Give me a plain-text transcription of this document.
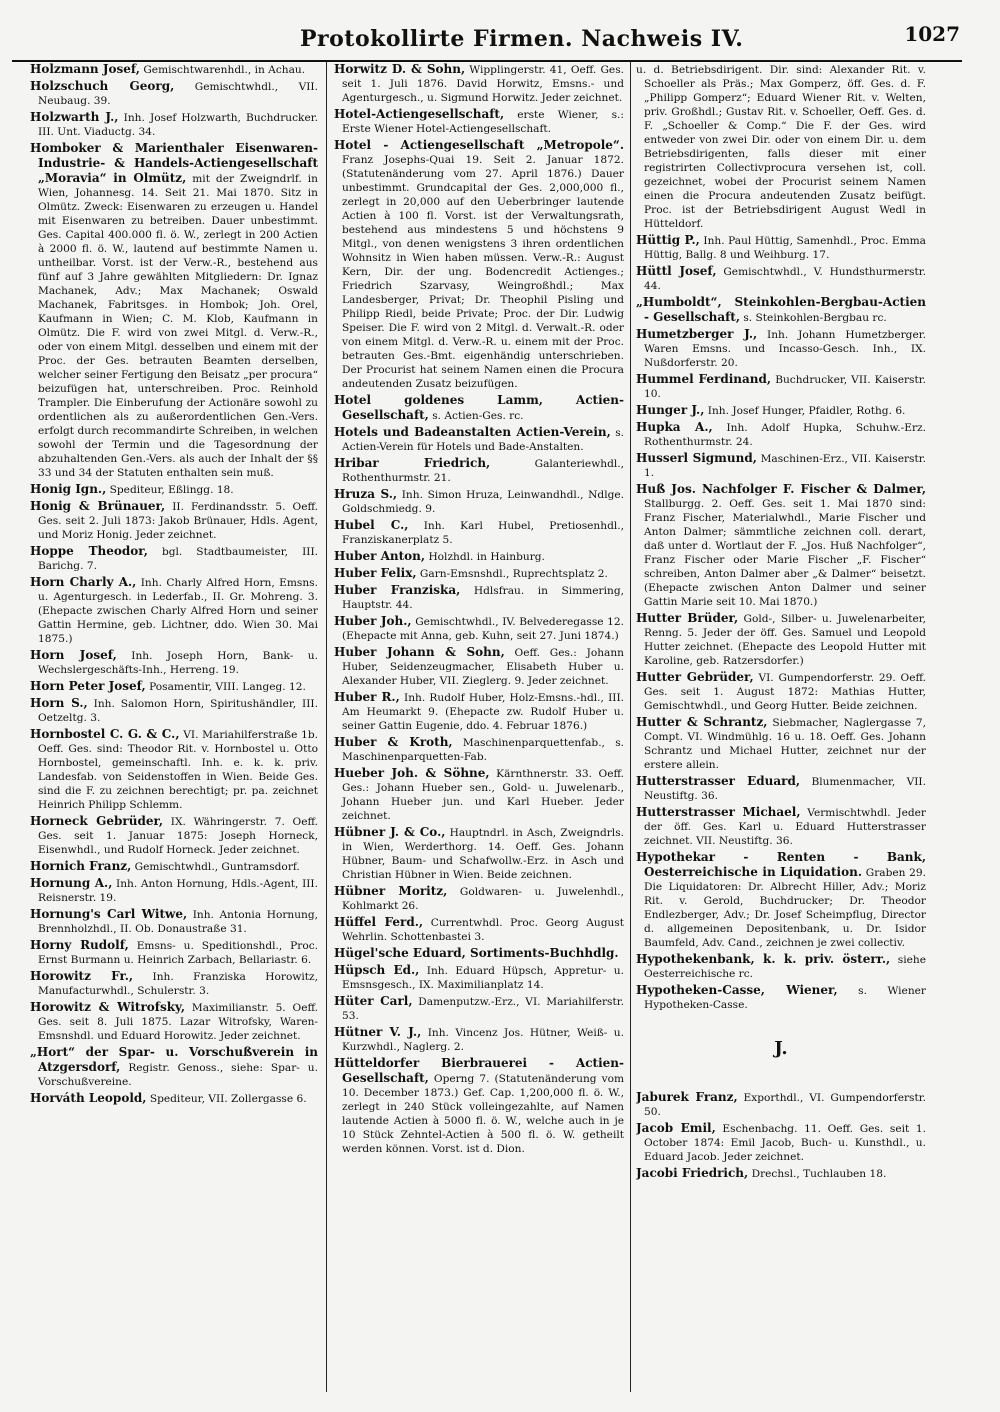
Protokollirte Firmen. Nachweis IV.	1027

Holzmann Josef, Gemischtwarenhdl., in Achau.

Holzschuch Georg, Gemischtwhdl., VII. Neubaug. 39.

Holzwarth J., Inh. Josef Holzwarth, Buchdrucker. III. Unt. Viaductg. 34.

Homboker & Marienthaler Eisenwaren-Industrie- & Handels-Actiengesellschaft „Moravia“ in Olmütz, mit der Zweigndrlf. in Wien, Johannesg. 14. Seit 21. Mai 1870. Sitz in Olmütz. Zweck: Eisenwaren zu erzeugen u. Handel mit Eisenwaren zu betreiben. Dauer unbestimmt. Ges. Capital 400.000 fl. ö. W., zerlegt in 200 Actien à 2000 fl. ö. W., lautend auf bestimmte Namen u. untheilbar. Vorst. ist der Verw.-R., bestehend aus fünf auf 3 Jahre gewählten Mitgliedern: Dr. Ignaz Machanek, Adv.; Max Machanek; Oswald Machanek, Fabritsges. in Hombok; Joh. Orel, Kaufmann in Wien; C. M. Klob, Kaufmann in Olmütz. Die F. wird von zwei Mitgl. d. Verw.-R., oder von einem Mitgl. desselben und einem mit der Proc. der Ges. betrauten Beamten derselben, welcher seiner Fertigung den Beisatz „per procura“ beizufügen hat, unterschreiben. Proc. Reinhold Trampler. Die Einberufung der Actionäre sowohl zu ordentlichen als zu außerordentlichen Gen.-Vers. erfolgt durch recommandirte Schreiben, in welchen sowohl der Termin und die Tagesordnung der abzuhaltenden Gen.-Vers. als auch der Inhalt der §§ 33 und 34 der Statuten enthalten sein muß.

Honig Ign., Spediteur, Eßlingg. 18.

Honig & Brünauer, II. Ferdinandsstr. 5. Oeff. Ges. seit 2. Juli 1873: Jakob Brünauer, Hdls. Agent, und Moriz Honig. Jeder zeichnet.

Hoppe Theodor, bgl. Stadtbaumeister, III. Barichg. 7.

Horn Charly A., Inh. Charly Alfred Horn, Emsns. u. Agenturgesch. in Lederfab., II. Gr. Mohreng. 3. (Ehepacte zwischen Charly Alfred Horn und seiner Gattin Hermine, geb. Lichtner, ddo. Wien 30. Mai 1875.)

Horn Josef, Inh. Joseph Horn, Bank- u. Wechslergeschäfts-Inh., Herreng. 19.

Horn Peter Josef, Posamentir, VIII. Langeg. 12.

Horn S., Inh. Salomon Horn, Spiritushändler, III. Oetzeltg. 3.

Hornbostel C. G. & C., VI. Mariahilferstraße 1b. Oeff. Ges. sind: Theodor Rit. v. Hornbostel u. Otto Hornbostel, gemeinschaftl. Inh. e. k. k. priv. Landesfab. von Seidenstoffen in Wien. Beide Ges. sind die F. zu zeichnen berechtigt; pr. pa. zeichnet Heinrich Philipp Schlemm.

Horneck Gebrüder, IX. Währingerstr. 7. Oeff. Ges. seit 1. Januar 1875: Joseph Horneck, Eisenwhdl., und Rudolf Horneck. Jeder zeichnet.

Hornich Franz, Gemischtwhdl., Guntramsdorf.

Hornung A., Inh. Anton Hornung, Hdls.-Agent, III. Reisnerstr. 19.

Hornung's Carl Witwe, Inh. Antonia Hornung, Brennholzhdl., II. Ob. Donaustraße 31.

Horny Rudolf, Emsns- u. Speditionshdl., Proc. Ernst Burmann u. Heinrich Zarbach, Bellariastr. 6.

Horowitz Fr., Inh. Franziska Horowitz, Manufacturwhdl., Schulerstr. 3.

Horowitz & Witrofsky, Maximilianstr. 5. Oeff. Ges. seit 8. Juli 1875. Lazar Witrofsky, Waren-Emsnshdl. und Eduard Horowitz. Jeder zeichnet.

„Hort“ der Spar- u. Vorschußverein in Atzgersdorf, Registr. Genoss., siehe: Spar- u. Vorschußvereine.

Horváth Leopold, Spediteur, VII. Zollergasse 6.

Horwitz D. & Sohn, Wipplingerstr. 41, Oeff. Ges. seit 1. Juli 1876. David Horwitz, Emsns.- und Agenturgesch., u. Sigmund Horwitz. Jeder zeichnet.

Hotel-Actiengesellschaft, erste Wiener, s.: Erste Wiener Hotel-Actiengesellschaft.

Hotel - Actiengesellschaft „Metropole“. Franz Josephs-Quai 19. Seit 2. Januar 1872. (Statutenänderung vom 27. April 1876.) Dauer unbestimmt. Grundcapital der Ges. 2,000,000 fl., zerlegt in 20,000 auf den Ueberbringer lautende Actien à 100 fl. Vorst. ist der Verwaltungsrath, bestehend aus mindestens 5 und höchstens 9 Mitgl., von denen wenigstens 3 ihren ordentlichen Wohnsitz in Wien haben müssen. Verw.-R.: August Kern, Dir. der ung. Bodencredit Actienges.; Friedrich Szarvasy, Weingroßhdl.; Max Landesberger, Privat; Dr. Theophil Pisling und Philipp Riedl, beide Private; Proc. der Dir. Ludwig Speiser. Die F. wird von 2 Mitgl. d. Verwalt.-R. oder von einem Mitgl. d. Verw.-R. u. einem mit der Proc. betrauten Ges.-Bmt. eigenhändig unterschrieben. Der Procurist hat seinem Namen einen die Procura andeutenden Zusatz beizufügen.

Hotel goldenes Lamm, Actien-Gesellschaft, s. Actien-Ges. rc.

Hotels und Badeanstalten Actien-Verein, s. Actien-Verein für Hotels und Bade-Anstalten.

Hribar Friedrich, Galanteriewhdl., Rothenthurmstr. 21.

Hruza S., Inh. Simon Hruza, Leinwandhdl., Ndlge. Goldschmiedg. 9.

Hubel C., Inh. Karl Hubel, Pretiosenhdl., Franziskanerplatz 5.

Huber Anton, Holzhdl. in Hainburg.

Huber Felix, Garn-Emsnshdl., Ruprechtsplatz 2.

Huber Franziska, Hdlsfrau. in Simmering, Hauptstr. 44.

Huber Joh., Gemischtwhdl., IV. Belvederegasse 12. (Ehepacte mit Anna, geb. Kuhn, seit 27. Juni 1874.)

Huber Johann & Sohn, Oeff. Ges.: Johann Huber, Seidenzeugmacher, Elisabeth Huber u. Alexander Huber, VII. Zieglerg. 9. Jeder zeichnet.

Huber R., Inh. Rudolf Huber, Holz-Emsns.-hdl., III. Am Heumarkt 9. (Ehepacte zw. Rudolf Huber u. seiner Gattin Eugenie, ddo. 4. Februar 1876.)

Huber & Kroth, Maschinenparquettenfab., s. Maschinenparquetten-Fab.

Hueber Joh. & Söhne, Kärnthnerstr. 33. Oeff. Ges.: Johann Hueber sen., Gold- u. Juwelenarb., Johann Hueber jun. und Karl Hueber. Jeder zeichnet.

Hübner J. & Co., Hauptndrl. in Asch, Zweigndrls. in Wien, Werderthorg. 14. Oeff. Ges. Johann Hübner, Baum- und Schafwollw.-Erz. in Asch und Christian Hübner in Wien. Beide zeichnen.

Hübner Moritz, Goldwaren- u. Juwelenhdl., Kohlmarkt 26.

Hüffel Ferd., Currentwhdl. Proc. Georg August Wehrlin. Schottenbastei 3.

Hügel'sche Eduard, Sortiments-Buchhdlg.

Hüpsch Ed., Inh. Eduard Hüpsch, Appretur- u. Emsnsgesch., IX. Maximilianplatz 14.

Hüter Carl, Damenputzw.-Erz., VI. Mariahilferstr. 53.

Hütner V. J., Inh. Vincenz Jos. Hütner, Weiß- u. Kurzwhdl., Naglerg. 2.

Hütteldorfer Bierbrauerei - Actien-Gesellschaft, Operng 7. (Statutenänderung vom 10. December 1873.) Gef. Cap. 1,200,000 fl. ö. W., zerlegt in 240 Stück volleingezahlte, auf Namen lautende Actien à 5000 fl. ö. W., welche auch in je 10 Stück Zehntel-Actien à 500 fl. ö. W. getheilt werden können. Vorst. ist d. Dion.

u. d. Betriebsdirigent. Dir. sind: Alexander Rit. v. Schoeller als Präs.; Max Gomperz, öff. Ges. d. F. „Philipp Gomperz“; Eduard Wiener Rit. v. Welten, priv. Großhdl.; Gustav Rit. v. Schoeller, Oeff. Ges. d. F. „Schoeller & Comp.“ Die F. der Ges. wird entweder von zwei Dir. oder von einem Dir. u. dem Betriebsdirigenten, falls dieser mit einer registrirten Collectivprocura versehen ist, coll. gezeichnet, wobei der Procurist seinem Namen einen die Procura andeutenden Zusatz beifügt. Proc. ist der Betriebsdirigent August Wedl in Hütteldorf.

Hüttig P., Inh. Paul Hüttig, Samenhdl., Proc. Emma Hüttig, Ballg. 8 und Weihburg. 17.

Hüttl Josef, Gemischtwhdl., V. Hundsthurmerstr. 44.

„Humboldt“, Steinkohlen-Bergbau-Actien - Gesellschaft, s. Steinkohlen-Bergbau rc.

Humetzberger J., Inh. Johann Humetzberger. Waren Emsns. und Incasso-Gesch. Inh., IX. Nußdorferstr. 20.

Hummel Ferdinand, Buchdrucker, VII. Kaiserstr. 10.

Hunger J., Inh. Josef Hunger, Pfaidler, Rothg. 6.

Hupka A., Inh. Adolf Hupka, Schuhw.-Erz. Rothenthurmstr. 24.

Husserl Sigmund, Maschinen-Erz., VII. Kaiserstr. 1.

Huß Jos. Nachfolger F. Fischer & Dalmer, Stallburgg. 2. Oeff. Ges. seit 1. Mai 1870 sind: Franz Fischer, Materialwhdl., Marie Fischer und Anton Dalmer; sämmtliche zeichnen coll. derart, daß unter d. Wortlaut der F. „Jos. Huß Nachfolger“, Franz Fischer oder Marie Fischer „F. Fischer“ schreiben, Anton Dalmer aber „& Dalmer“ beisetzt. (Ehepacte zwischen Anton Dalmer und seiner Gattin Marie seit 10. Mai 1870.)

Hutter Brüder, Gold-, Silber- u. Juwelenarbeiter, Renng. 5. Jeder der öff. Ges. Samuel und Leopold Hutter zeichnet. (Ehepacte des Leopold Hutter mit Karoline, geb. Ratzersdorfer.)

Hutter Gebrüder, VI. Gumpendorferstr. 29. Oeff. Ges. seit 1. August 1872: Mathias Hutter, Gemischtwhdl., und Georg Hutter. Beide zeichnen.

Hutter & Schrantz, Siebmacher, Naglergasse 7, Compt. VI. Windmühlg. 16 u. 18. Oeff. Ges. Johann Schrantz und Michael Hutter, zeichnet nur der erstere allein.

Hutterstrasser Eduard, Blumenmacher, VII. Neustiftg. 36.

Hutterstrasser Michael, Vermischtwhdl. Jeder der öff. Ges. Karl u. Eduard Hutterstrasser zeichnet. VII. Neustiftg. 36.

Hypothekar - Renten - Bank, Oesterreichische in Liquidation. Graben 29. Die Liquidatoren: Dr. Albrecht Hiller, Adv.; Moriz Rit. v. Gerold, Buchdrucker; Dr. Theodor Endlezberger, Adv.; Dr. Josef Scheimpflug, Director d. allgemeinen Depositenbank, u. Dr. Isidor Baumfeld, Adv. Cand., zeichnen je zwei collectiv.

Hypothekenbank, k. k. priv. österr., siehe Oesterreichische rc.

Hypotheken-Casse, Wiener, s. Wiener Hypotheken-Casse.

J.

Jaburek Franz, Exporthdl., VI. Gumpendorferstr. 50.

Jacob Emil, Eschenbachg. 11. Oeff. Ges. seit 1. October 1874: Emil Jacob, Buch- u. Kunsthdl., u. Eduard Jacob. Jeder zeichnet.

Jacobi Friedrich, Drechsl., Tuchlauben 18.
